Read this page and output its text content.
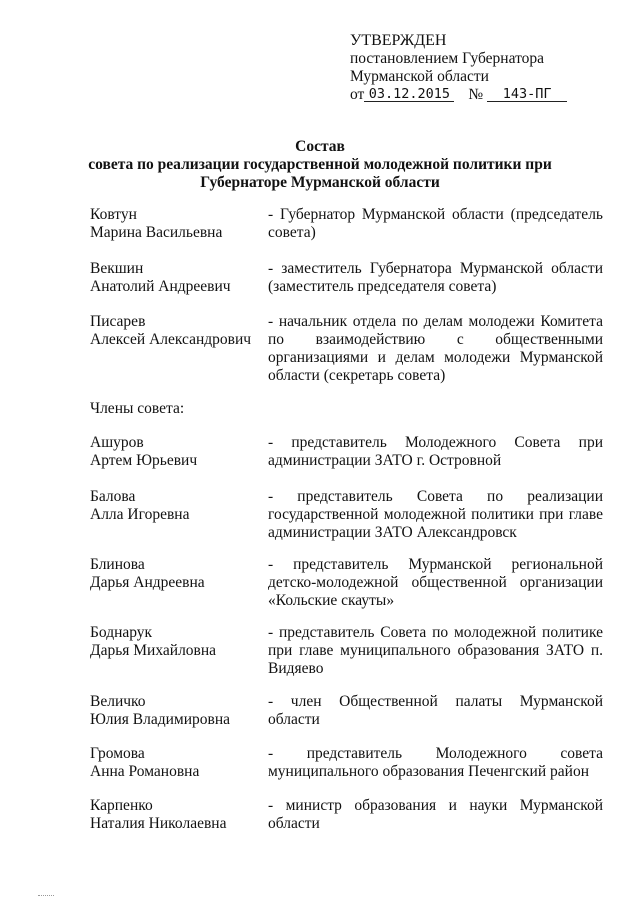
УТВЕРЖДЕН
постановлением Губернатора
Мурманской области
от 03.12.2015 № 143-ПГ
Состав
совета по реализации государственной молодежной политики при
Губернаторе Мурманской области
Ковтун
Марина Васильевна
- Губернатор Мурманской области (председатель совета)
Векшин
Анатолий Андреевич
- заместитель Губернатора Мурманской области (заместитель председателя совета)
Писарев
Алексей Александрович
- начальник отдела по делам молодежи Комитета по взаимодействию с общественными организациями и делам молодежи Мурманской области (секретарь совета)
Члены совета:
Ашуров
Артем Юрьевич
- представитель Молодежного Совета при администрации ЗАТО г. Островной
Балова
Алла Игоревна
- представитель Совета по реализации государственной молодежной политики при главе администрации ЗАТО Александровск
Блинова
Дарья Андреевна
- представитель Мурманской региональной детско-молодежной общественной организации «Кольские скауты»
Боднарук
Дарья Михайловна
- представитель Совета по молодежной политике при главе муниципального образования ЗАТО п. Видяево
Величко
Юлия Владимировна
- член Общественной палаты Мурманской области
Громова
Анна Романовна
- представитель Молодежного совета муниципального образования Печенгский район
Карпенко
Наталия Николаевна
- министр образования и науки Мурманской области
